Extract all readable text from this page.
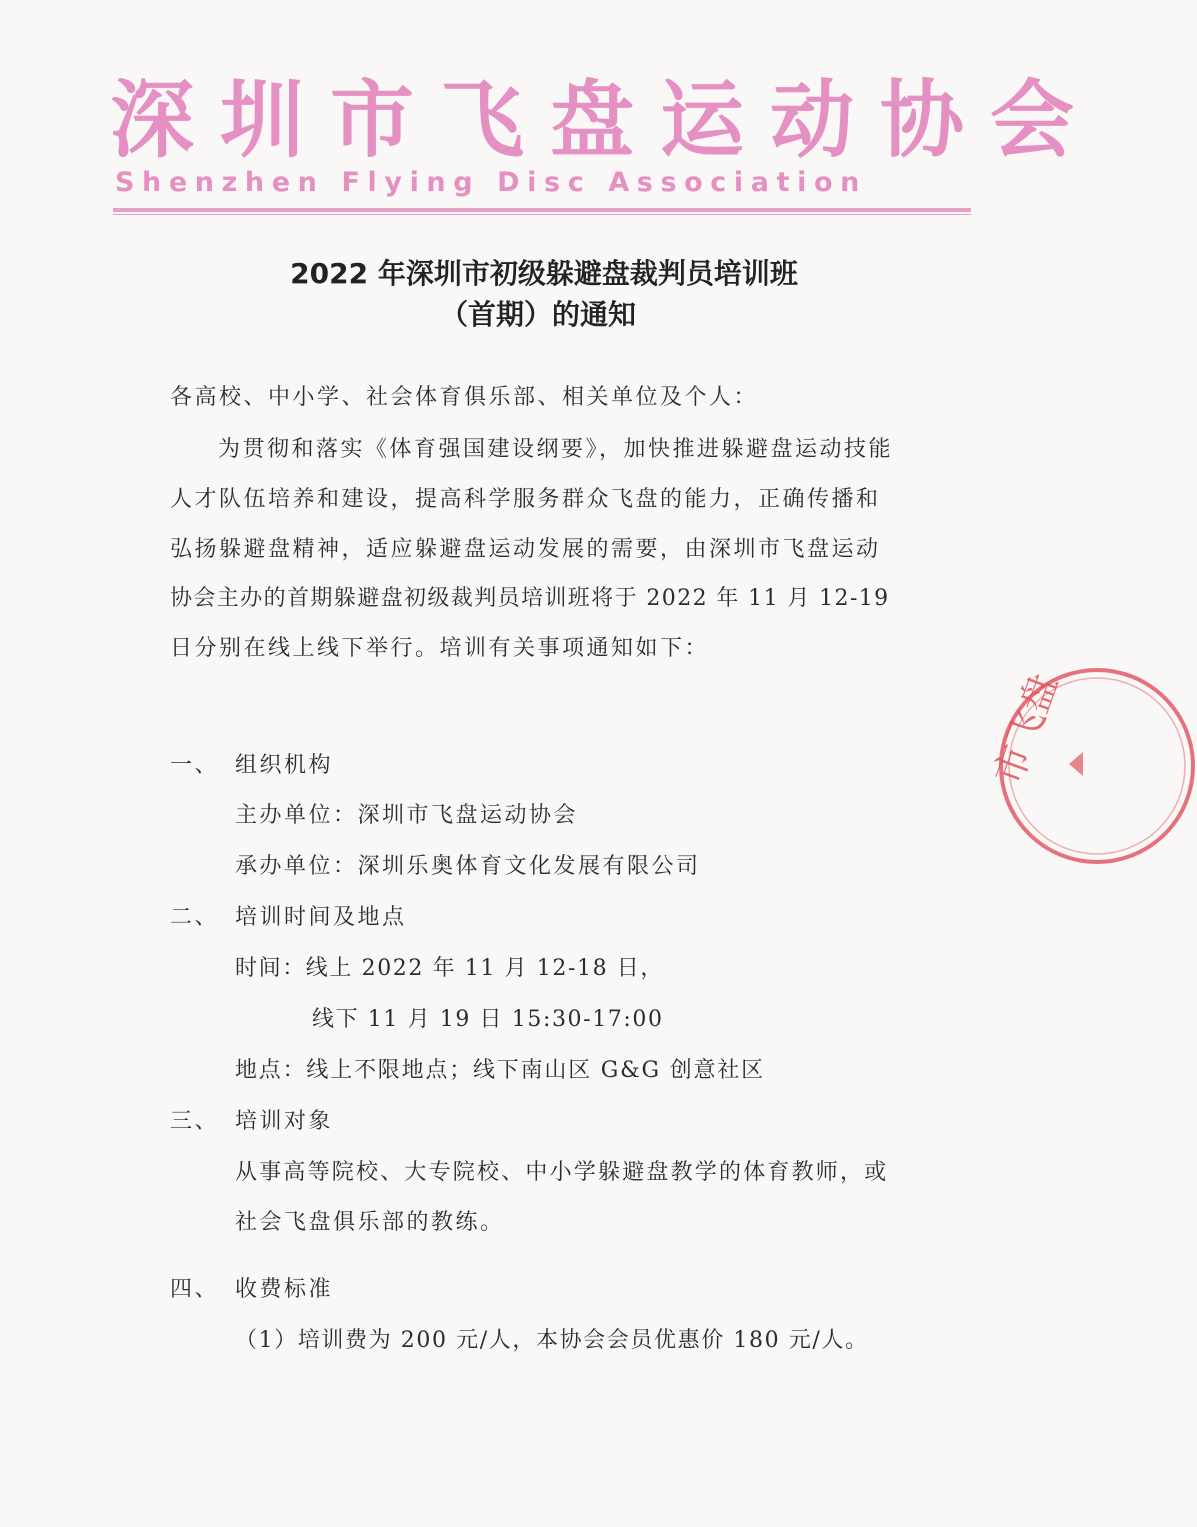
深圳市飞盘运动协会
Shenzhen Flying Disc Association
2022 年深圳市初级躲避盘裁判员培训班
（首期）的通知
各高校、中小学、社会体育俱乐部、相关单位及个人：
为贯彻和落实《体育强国建设纲要》，加快推进躲避盘运动技能
人才队伍培养和建设，提高科学服务群众飞盘的能力，正确传播和
弘扬躲避盘精神，适应躲避盘运动发展的需要，由深圳市飞盘运动
协会主办的首期躲避盘初级裁判员培训班将于 2022 年 11 月 12-19
日分别在线上线下举行。培训有关事项通知如下：
一、 组织机构
主办单位：深圳市飞盘运动协会
承办单位：深圳乐奥体育文化发展有限公司
二、 培训时间及地点
时间：线上 2022 年 11 月 12-18 日，
线下 11 月 19 日 15:30-17:00
地点：线上不限地点；线下南山区 G&G 创意社区
三、 培训对象
从事高等院校、大专院校、中小学躲避盘教学的体育教师，或
社会飞盘俱乐部的教练。
四、 收费标准
（1）培训费为 200 元/人，本协会会员优惠价 180 元/人。
市飞盘
